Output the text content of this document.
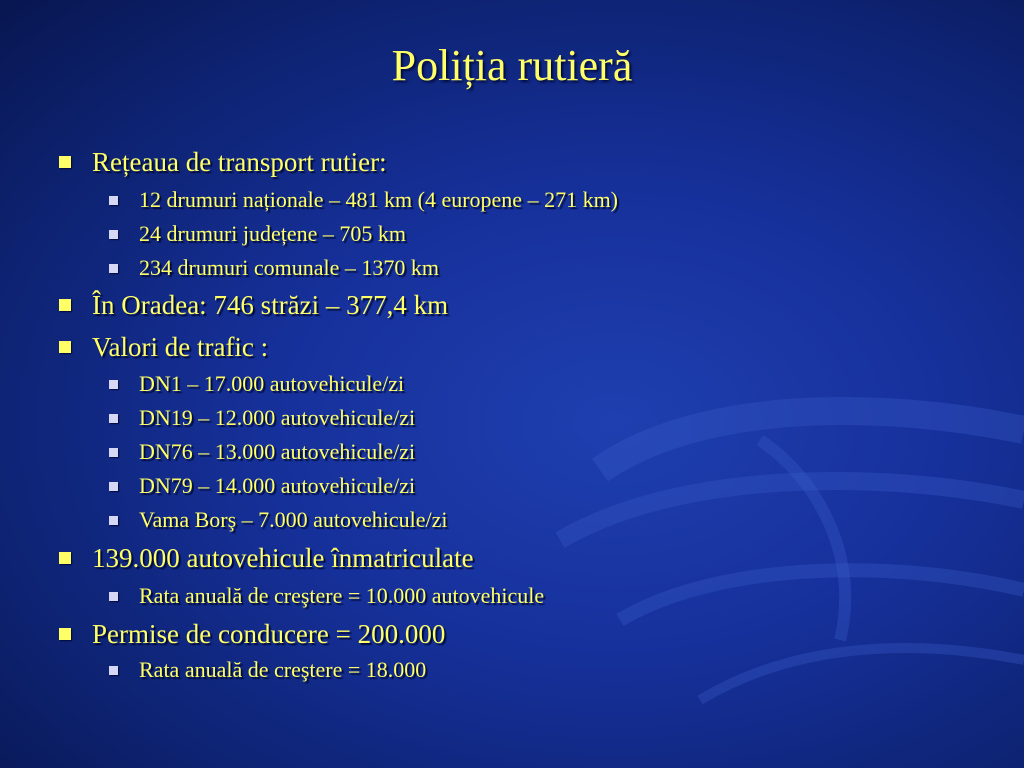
Poliția rutieră
Rețeaua de transport rutier:
12 drumuri naționale – 481 km (4 europene – 271 km)
24 drumuri județene – 705 km
234 drumuri comunale – 1370 km
În Oradea: 746 străzi – 377,4 km
Valori de trafic :
DN1 – 17.000 autovehicule/zi
DN19 – 12.000 autovehicule/zi
DN76 – 13.000 autovehicule/zi
DN79 – 14.000 autovehicule/zi
Vama Borş – 7.000 autovehicule/zi
139.000 autovehicule înmatriculate
Rata anuală de creştere = 10.000 autovehicule
Permise de conducere = 200.000
Rata anuală de creştere = 18.000
